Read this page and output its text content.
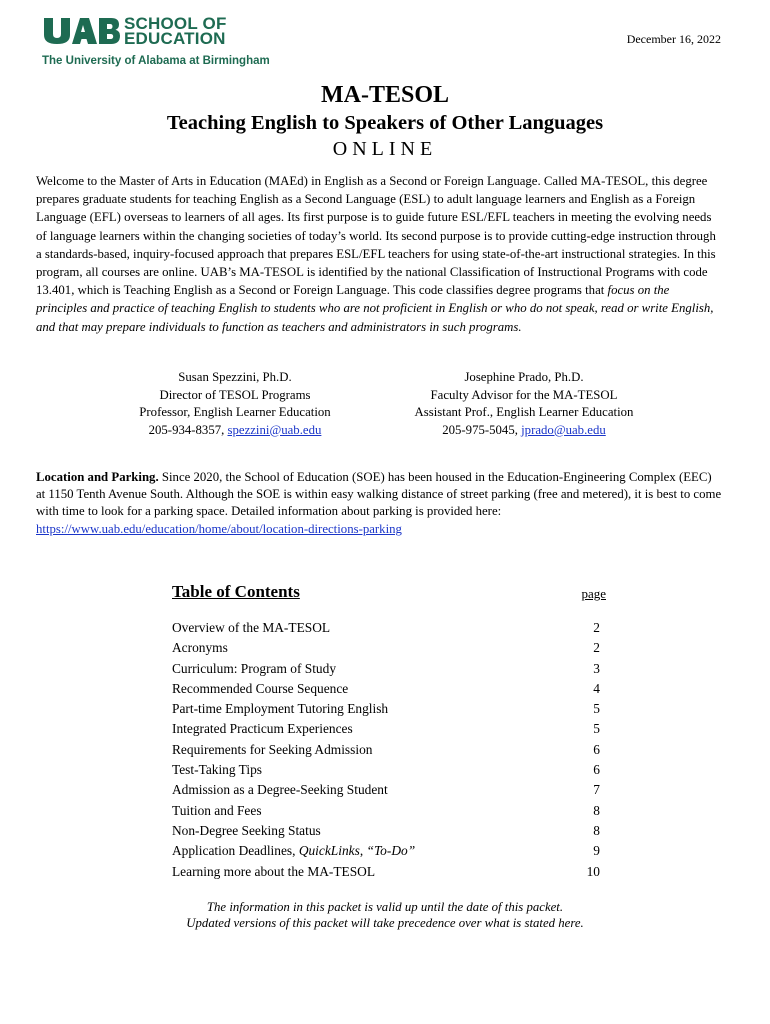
SCHOOL OF
EDUCATION
The University of Alabama at Birmingham
December 16, 2022
MA-TESOL
Teaching English to Speakers of Other Languages
ONLINE
Welcome to the Master of Arts in Education (MAEd) in English as a Second or Foreign Language. Called MA-TESOL, this degree prepares graduate students for teaching English as a Second Language (ESL) to adult language learners and English as a Foreign Language (EFL) overseas to learners of all ages. Its first purpose is to guide future ESL/EFL teachers in meeting the evolving needs of language learners within the changing societies of today’s world. Its second purpose is to provide cutting-edge instruction through a standards-based, inquiry-focused approach that prepares ESL/EFL teachers for using state-of-the-art instructional strategies. In this program, all courses are online. UAB’s MA-TESOL is identified by the national Classification of Instructional Programs with code 13.401, which is Teaching English as a Second or Foreign Language. This code classifies degree programs that focus on the principles and practice of teaching English to students who are not proficient in English or who do not speak, read or write English, and that may prepare individuals to function as teachers and administrators in such programs.
Susan Spezzini, Ph.D.
Director of TESOL Programs
Professor, English Learner Education
205-934-8357, spezzini@uab.edu
Josephine Prado, Ph.D.
Faculty Advisor for the MA-TESOL
Assistant Prof., English Learner Education
205-975-5045, jprado@uab.edu
Location and Parking. Since 2020, the School of Education (SOE) has been housed in the Education-Engineering Complex (EEC) at 1150 Tenth Avenue South. Although the SOE is within easy walking distance of street parking (free and metered), it is best to come with time to look for a parking space. Detailed information about parking is provided here: https://www.uab.edu/education/home/about/location-directions-parking
Table of Contents	page
Overview of the MA-TESOL	2
Acronyms	2
Curriculum: Program of Study	3
Recommended Course Sequence	4
Part-time Employment Tutoring English	5
Integrated Practicum Experiences	5
Requirements for Seeking Admission	6
Test-Taking Tips	6
Admission as a Degree-Seeking Student	7
Tuition and Fees	8
Non-Degree Seeking Status	8
Application Deadlines, QuickLinks, “To-Do”	9
Learning more about the MA-TESOL	10
The information in this packet is valid up until the date of this packet.
Updated versions of this packet will take precedence over what is stated here.
